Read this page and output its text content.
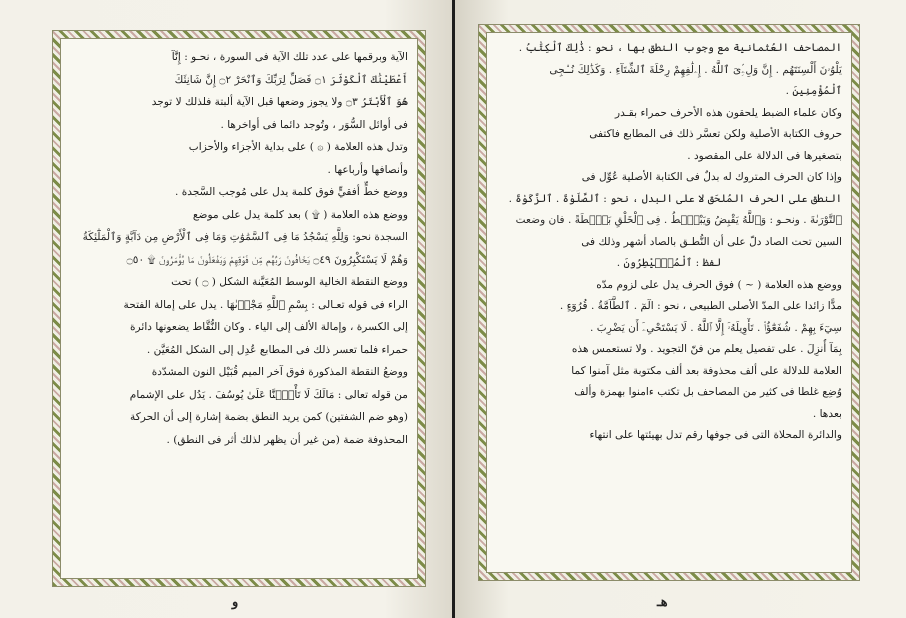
الآية وبرقمها على عدد تلك الآية فى السورة ، نحـو : إِنَّآ
أَعْطَيْنَٰكَ ٱلْكَوْثَرَ ۝١ فَصَلِّ لِرَبِّكَ وَٱنْحَرْ ۝٢ إِنَّ شَانِئَكَ
هُوَ ٱلْأَبْتَرُ ۝٣ ولا يجوز وضعها قبل الآية ألبتة فلذلك لا توجد
فى أوائل السُّوَر ، وتُوجد دائما فى أواخرها .
وتدل هذه العلامة ( ۞ ) على بداية الأجزاء والأحزاب
وأنصافها وأرباعها .
ووضع خطٍّ أفقيٍّ فوق كلمة يدل على مُوجب السَّجدة .
ووضع هذه العلامة ( ۩ ) بعد كلمة يدل على موضع
السجدة نحو: وَلِلَّهِ يَسْجُدُ مَا فِى ٱلسَّمَٰوَٰتِ وَمَا فِى ٱلْأَرْضِ مِن دَآبَّةٍ وَٱلْمَلَٰٓئِكَةُ
وَهُمْ لَا يَسْتَكْبِرُونَ ۝٤٩ يَخَافُونَ رَبَّهُم مِّن فَوْقِهِمْ وَيَفْعَلُونَ مَا يُؤْمَرُونَ ۩ ۝٥٠
ووضع النقطة الخالية الوسط المُعَيَّنة الشكل ( ۝ ) تحت
الراء فى قوله تعـالى : بِسْمِ ٱللَّهِ مَجْرٜىٰهَا . يدل على إمالة الفتحة
إلى الكسرة ، وإمالة الألف إلى الياء . وكان النُّقَّاط يضعونها دائرة
حمراء فلما تعسر ذلك فى المطابع عُدِل إلى الشكل المُعَيَّن .
ووضعُ النقطة المذكورة فوق آخر الميم قُبَيْل النون المشدّدة
من قوله تعالى : مَالَكَ لَا تَأْمَ۫نَّا عَلَىٰ يُوسُفَ . يَدُل على الإشمام
(وهو ضم الشفتين) كمن يريد النطق بضمة إشارة إلى أن الحركة
المحذوفة ضمة (من غير أن يظهر لذلك أثر فى النطق) .
و
المصاحف العُثمانية مع وجوب النطق بها ، نحو : ذَٰلِكَ ٱلْكِتَٰبُ .
يَلْوُۥنَ أَلْسِنَتَهُم . إِنَّ وَلِۦِّىَ ٱللَّهُ . إِۦلَٰفِهِمْ رِحْلَةَ ٱلشِّتَآءِ . وَكَذَٰلِكَ نُـۨجِى
ٱلْمُؤْمِنِينَ .
وكان علماء الضبط يلحقون هذه الأحرف حمراء بقـدر
حروف الكتابة الأصلية ولكن تعسَّر ذلك فى المطابع فاكتفى
بتصغيرها فى الدلالة على المقصود .
وإذا كان الحرف المتروك له بدلٌ فى الكتابة الأصلية عُوِّل فى
النطق على الحرف المُلحَق لا على البدل ، نحو : ٱلصَّلَوٰةَ . ٱلزَّكَوٰةَ .
ٱلتَّوْرَىٰةَ . ونحـو : وَٱللَّهُ يَقْبِضُ وَيَبْصُۜطُ . فِى ٱلْخَلْقِ بَصْۜطَةً . فان وضعت
السين تحت الصاد دلّ على أن النُّطـق بالصاد أشهر وذلك فى
لفظ : ٱلْمُصَۣيْطِرُونَ .
ووضع هذه العلامة ( ~ ) فوق الحرف يدل على لزوم مدّه
مدًّا زائدا على المدّ الأصلى الطبيعى ، نحو : الٓمٓ . ٱلطَّآمَّةُ . قُرُوٓءٍ .
سِيٓءَ بِهِمْ . شُفَعَٰٓؤُا۟ . تَأْوِيلَهُۥٓ إِلَّا ٱللَّهُ . لَا يَسْتَحْىِۦٓ أَن يَضْرِبَ .
بِمَآ أُنزِلَ . على تفصيل يعلم من فنّ التجويد . ولا تستعمس هذه
العلامة للدلالة على ألف محذوفة بعد ألف مكتوبة مثل آمنوا كما
وُضِع غلطا فى كثير من المصاحف بل تكتب ءامنوا بهمزة وألف
بعدها .
والدائرة المحلاة التى فى جوفها رقم تدل بهيئتها على انتهاء
هـ
